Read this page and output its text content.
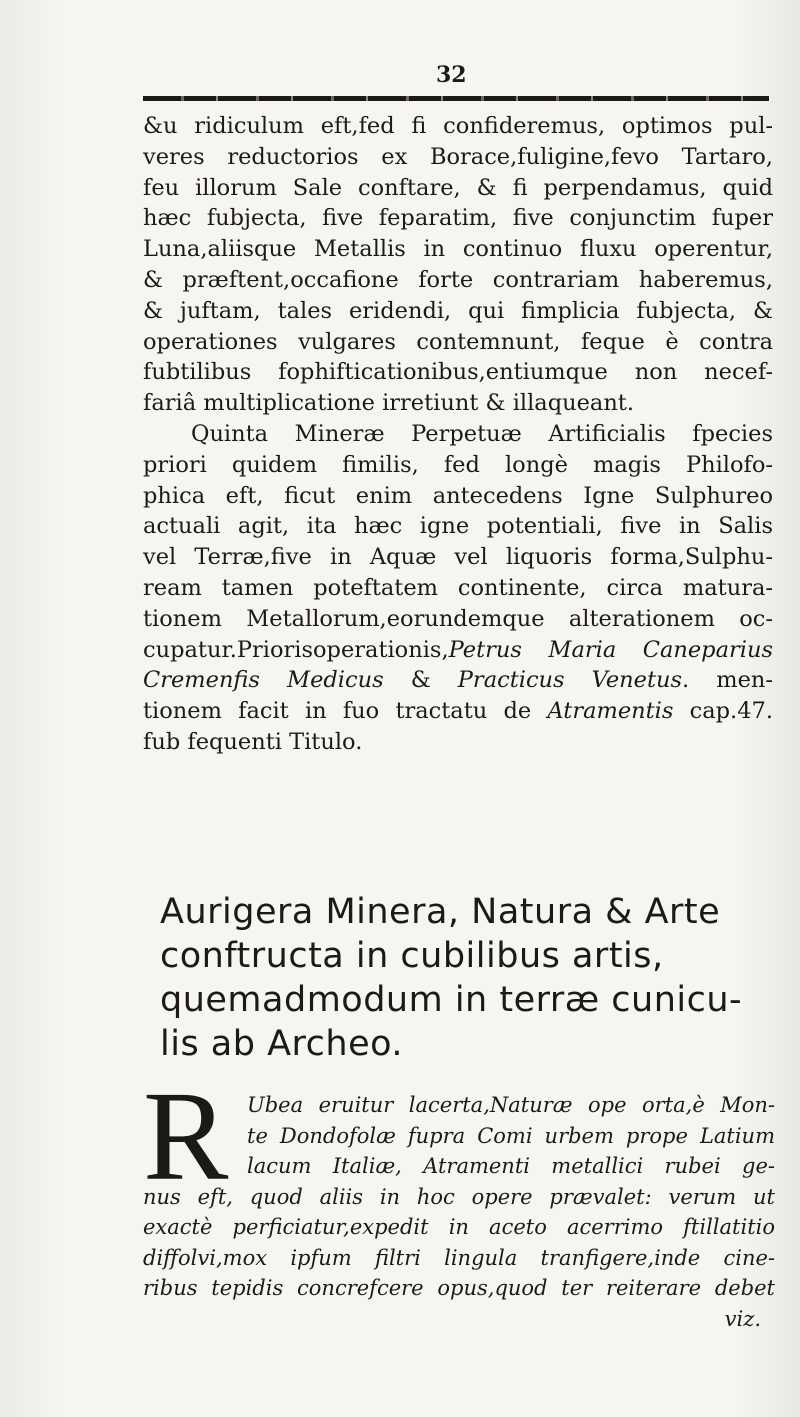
32

&u ridiculum eft,fed fi confideremus, optimos pul-
veres reductorios ex Borace,fuligine,fevo Tartaro,
feu illorum Sale conftare, & fi perpendamus, quid
hæc fubjecta, five feparatim, five conjunctim fuper
Luna,aliisque Metallis in continuo fluxu operentur,
& præftent,occafione forte contrariam haberemus,
& juftam, tales eridendi, qui fimplicia fubjecta, &
operationes vulgares contemnunt, feque è contra
fubtilibus fophifticationibus,entiumque non necef-
fariâ multiplicatione irretiunt & illaqueant.

Quinta Mineræ Perpetuæ Artificialis fpecies
priori quidem fimilis, fed longè magis Philofo-
phica eft, ficut enim antecedens Igne Sulphureo
actuali agit, ita hæc igne potentiali, five in Salis
vel Terræ,five in Aquæ vel liquoris forma,Sulphu-
ream tamen poteftatem continente, circa matura-
tionem Metallorum,eorundemque alterationem oc-
cupatur.Priorisoperationis,Petrus Maria Caneparius
Cremenfis Medicus & Practicus Venetus. men-
tionem facit in fuo tractatu de Atramentis cap.47.
fub fequenti Titulo.

Aurigera Minera, Natura & Arte
conftructa in cubilibus artis,
quemadmodum in terræ cunicu-
lis ab Archeo.
R Ubea eruitur lacerta,Naturæ ope orta,è Mon-
te Dondofolæ fupra Comi urbem prope Latium
lacum Italiæ, Atramenti metallici rubei ge-
nus eft, quod aliis in hoc opere prævalet: verum ut
exactè perficiatur,expedit in aceto acerrimo ftillatitio
diffolvi,mox ipfum filtri lingula tranfigere,inde cine-
ribus tepidis concrefcere opus,quod ter reiterare debet
viz.
